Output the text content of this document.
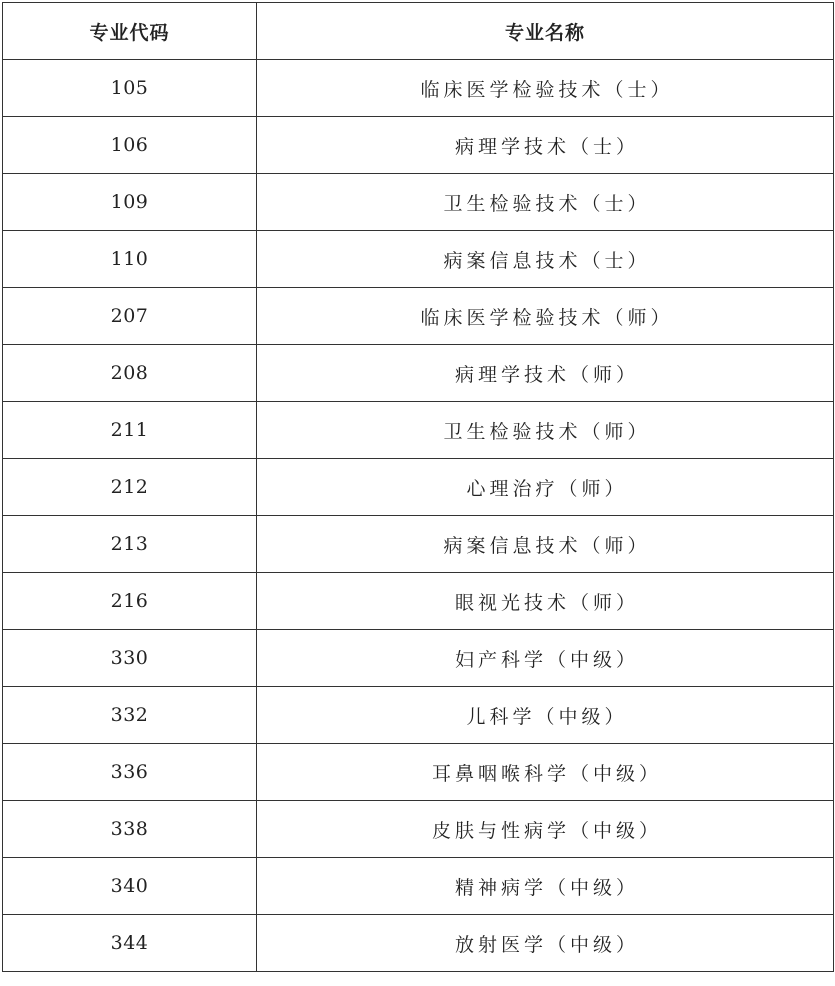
专业代码	专业名称
105	临床医学检验技术（士）
106	病理学技术（士）
109	卫生检验技术（士）
110	病案信息技术（士）
207	临床医学检验技术（师）
208	病理学技术（师）
211	卫生检验技术（师）
212	心理治疗（师）
213	病案信息技术（师）
216	眼视光技术（师）
330	妇产科学（中级）
332	儿科学（中级）
336	耳鼻咽喉科学（中级）
338	皮肤与性病学（中级）
340	精神病学（中级）
344	放射医学（中级）
